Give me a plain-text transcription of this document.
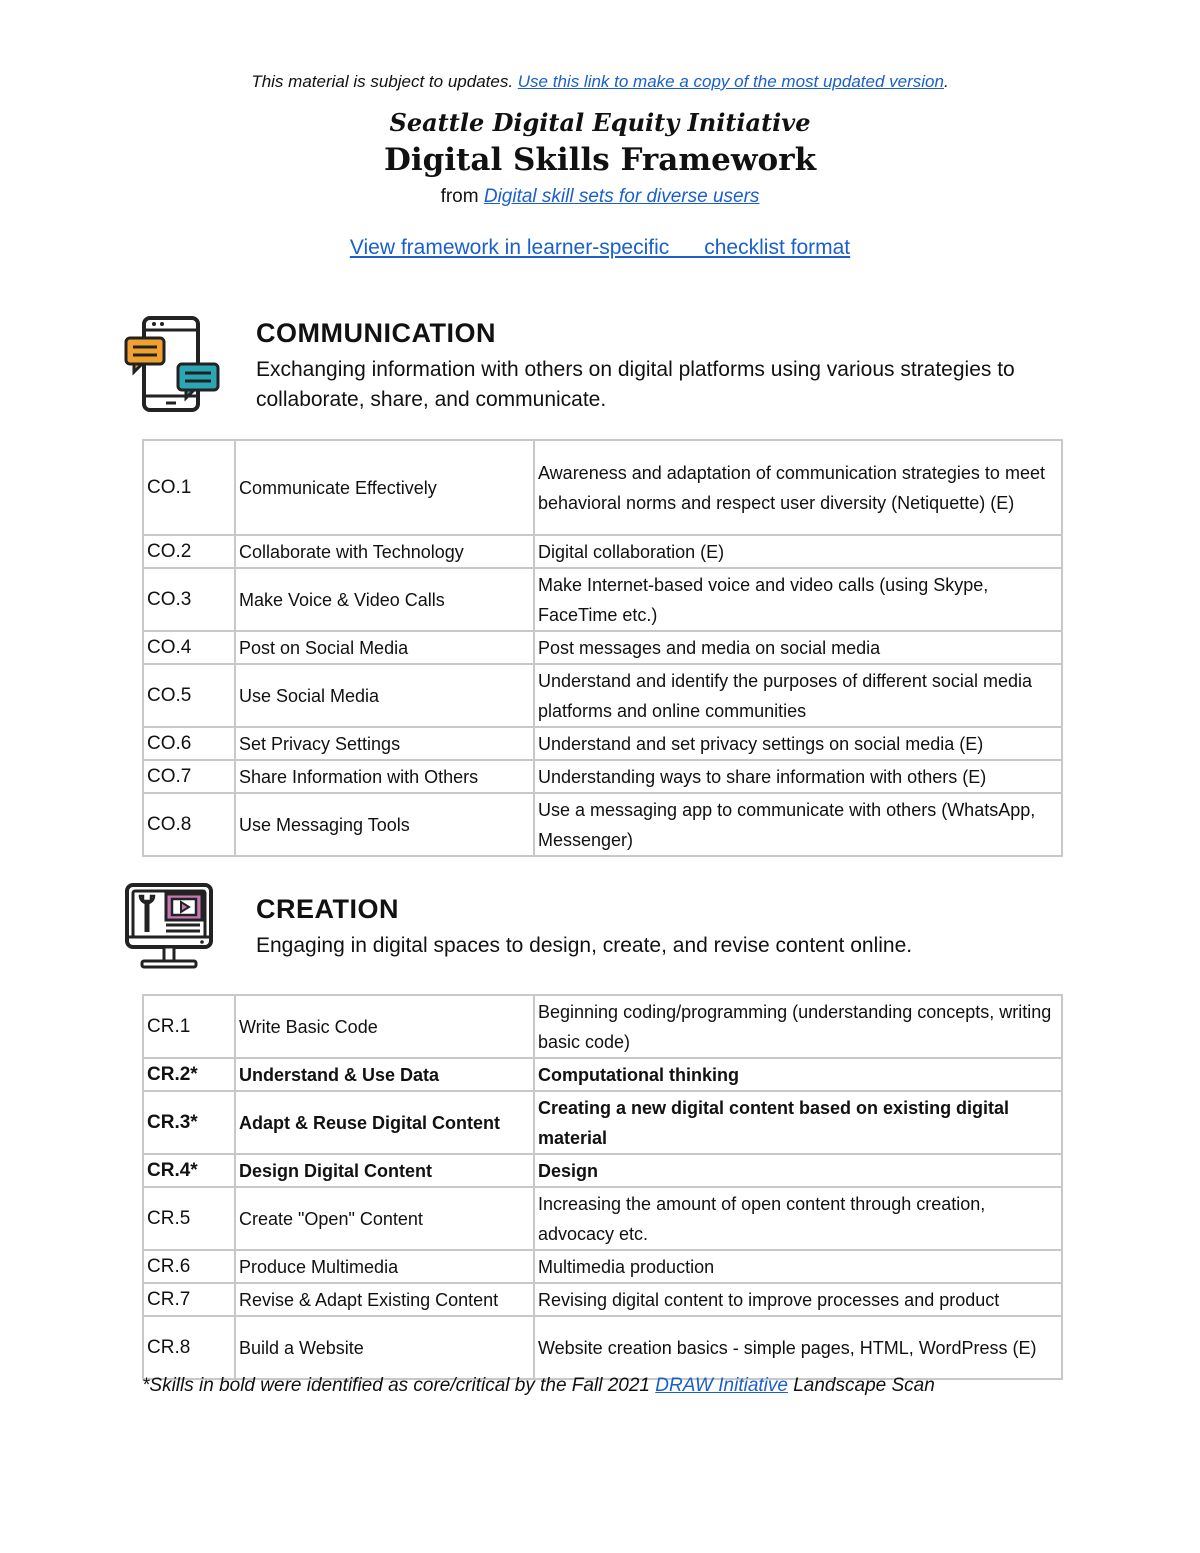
This material is subject to updates. Use this link to make a copy of the most updated version.
Seattle Digital Equity Initiative
Digital Skills Framework
from Digital skill sets for diverse users
View framework in learner-specific      checklist format
COMMUNICATION
Exchanging information with others on digital platforms using various strategies to collaborate, share, and communicate.
CO.1	Communicate Effectively	Awareness and adaptation of communication strategies to meet behavioral norms and respect user diversity (Netiquette) (E)
CO.2	Collaborate with Technology	Digital collaboration (E)
CO.3	Make Voice & Video Calls	Make Internet-based voice and video calls (using Skype, FaceTime etc.)
CO.4	Post on Social Media	Post messages and media on social media
CO.5	Use Social Media	Understand and identify the purposes of different social media platforms and online communities
CO.6	Set Privacy Settings	Understand and set privacy settings on social media (E)
CO.7	Share Information with Others	Understanding ways to share information with others (E)
CO.8	Use Messaging Tools	Use a messaging app to communicate with others (WhatsApp, Messenger)
CREATION
Engaging in digital spaces to design, create, and revise content online.
CR.1	Write Basic Code	Beginning coding/programming (understanding concepts, writing basic code)
CR.2*	Understand & Use Data	Computational thinking
CR.3*	Adapt & Reuse Digital Content	Creating a new digital content based on existing digital material
CR.4*	Design Digital Content	Design
CR.5	Create "Open" Content	Increasing the amount of open content through creation, advocacy etc.
CR.6	Produce Multimedia	Multimedia production
CR.7	Revise & Adapt Existing Content	Revising digital content to improve processes and product
CR.8	Build a Website	Website creation basics - simple pages, HTML, WordPress (E)
*Skills in bold were identified as core/critical by the Fall 2021 DRAW Initiative Landscape Scan
